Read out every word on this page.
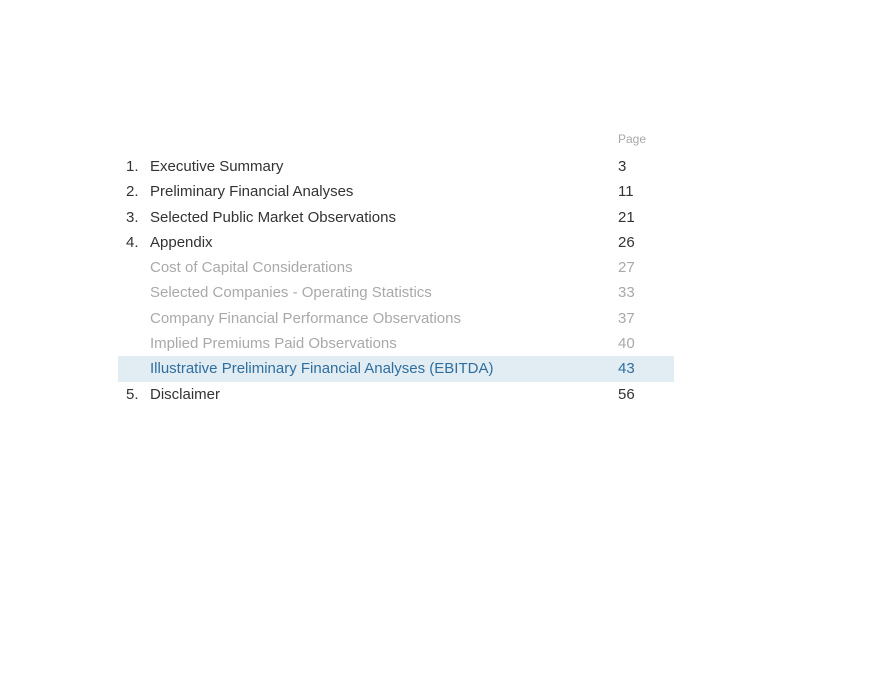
Page
1. Executive Summary	3
2. Preliminary Financial Analyses	11
3. Selected Public Market Observations	21
4. Appendix	26
Cost of Capital Considerations	27
Selected Companies - Operating Statistics	33
Company Financial Performance Observations	37
Implied Premiums Paid Observations	40
Illustrative Preliminary Financial Analyses (EBITDA)	43
5. Disclaimer	56
